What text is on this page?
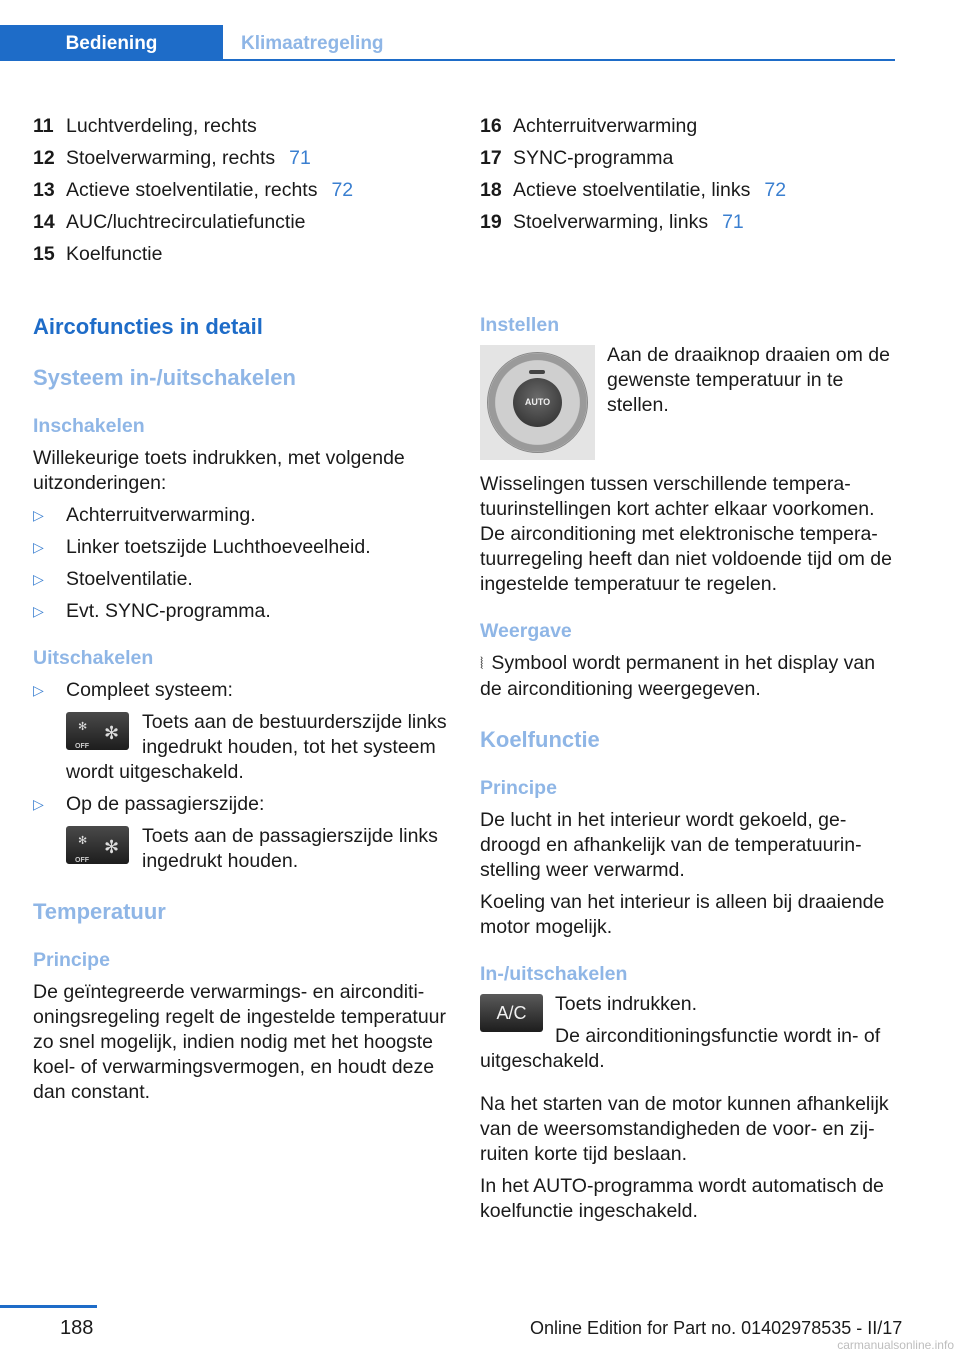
Bediening	Klimaatregeling
11 Luchtverdeling, rechts
12 Stoelverwarming, rechts 71
13 Actieve stoelventilatie, rechts 72
14 AUC/luchtrecirculatiefunctie
15 Koelfunctie
Aircofuncties in detail
Systeem in-/uitschakelen
Inschakelen

Willekeurige toets indrukken, met volgende uitzonderingen:

▷ Achterruitverwarming.
▷ Linker toetszijde Luchthoeveelheid.
▷ Stoelventilatie.
▷ Evt. SYNC-programma.
Uitschakelen
▷ Compleet systeem:
✻
OFF
✻ Toets aan de bestuurderszijde links ingedrukt houden, tot het systeem wordt uitgeschakeld.
▷ Op de passagierszijde:
✻
OFF
✻ Toets aan de passagierszijde links ingedrukt houden.
Temperatuur
Principe

De geïntegreerde verwarmings- en airconditioningsregeling regelt de ingestelde temperatuur zo snel mogelijk, indien nodig met het hoogste koel- of verwarmingsvermogen, en houdt deze dan constant.

16 Achterruitverwarming
17 SYNC-programma
18 Actieve stoelventilatie, links 72
19 Stoelverwarming, links 71
Instellen
AUTO

Aan de draaiknop draaien om de gewenste temperatuur in te stellen.

Wisselingen tussen verschillende temperatuurinstellingen kort achter elkaar voorkomen. De airconditioning met elektronische temperatuurregeling heeft dan niet voldoende tijd om de ingestelde temperatuur te regelen.

Weergave

⦚ Symbool wordt permanent in het display van de airconditioning weergegeven.

Koelfunctie
Principe

De lucht in het interieur wordt gekoeld, gedroogd en afhankelijk van de temperatuurinstelling weer verwarmd.

Koeling van het interieur is alleen bij draaiende motor mogelijk.

In-/uitschakelen
A/C	Toets indrukken.

De airconditioningsfunctie wordt in- of uitgeschakeld.

Na het starten van de motor kunnen afhankelijk van de weersomstandigheden de voor- en zijruiten korte tijd beslaan.

In het AUTO-programma wordt automatisch de koelfunctie ingeschakeld.

188	Online Edition for Part no. 01402978535 - II/17
carmanualsonline.info
